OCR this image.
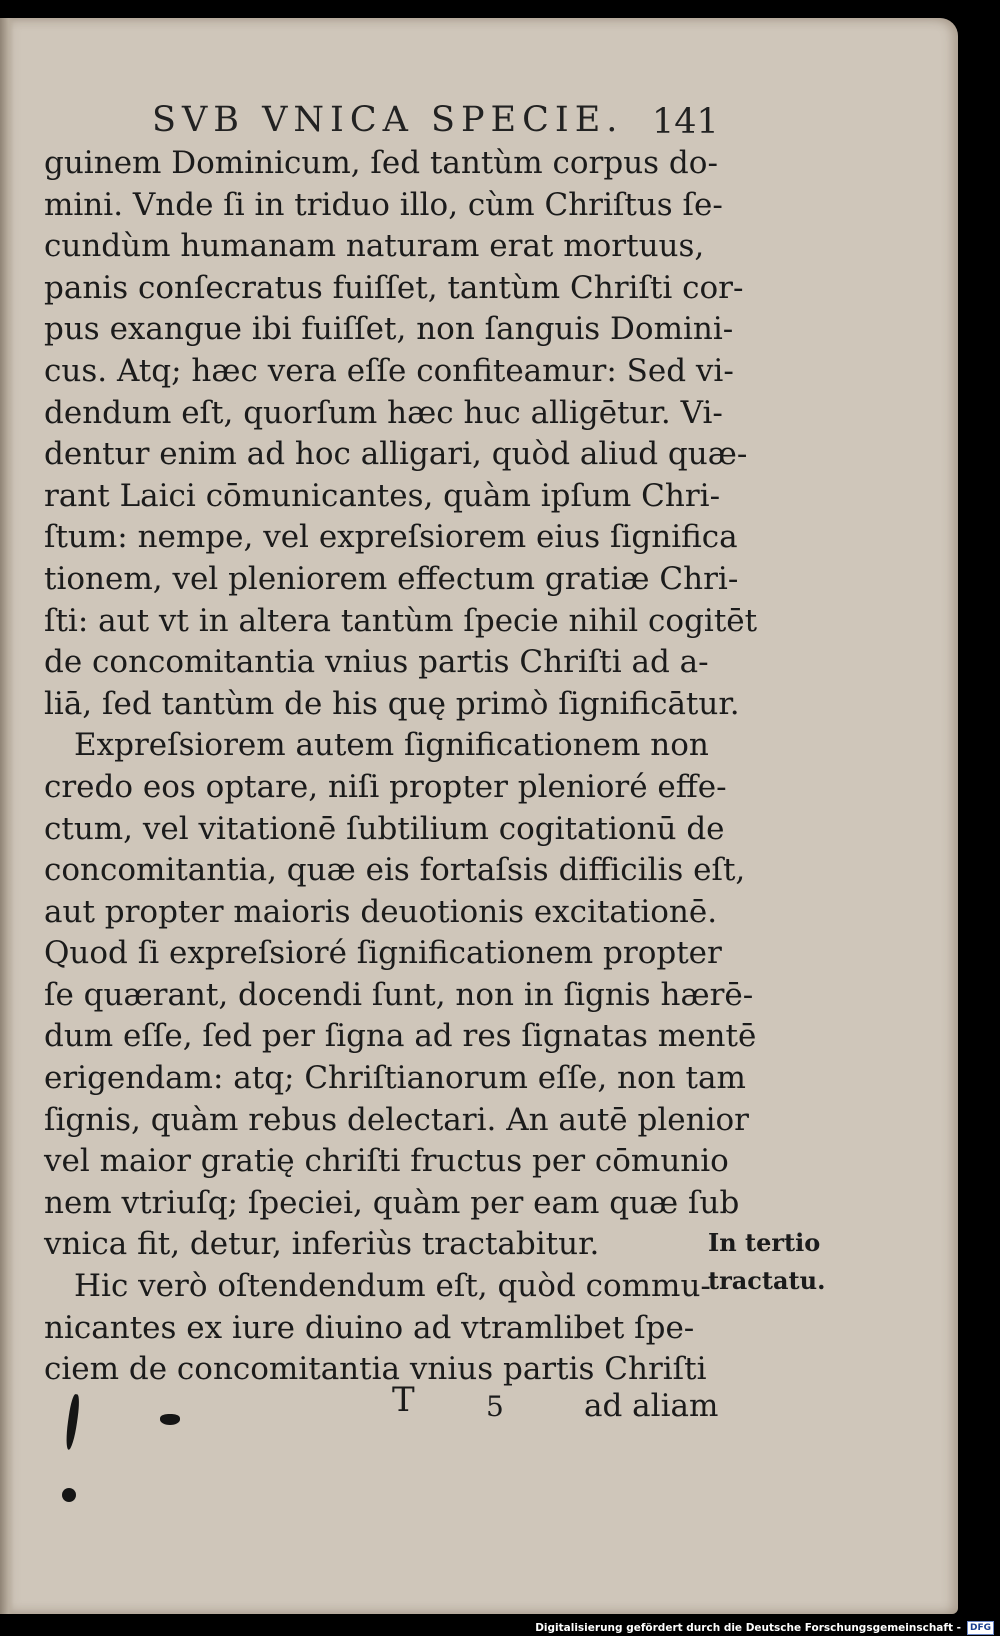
SVB VNICA SPECIE. 141
guinem Dominicum, ſed tantùm corpus do-
mini. Vnde ſi in triduo illo, cùm Chriſtus ſe-
cundùm humanam naturam erat mortuus,
panis conſecratus fuiſſet, tantùm Chriſti cor-
pus exangue ibi fuiſſet, non ſanguis Domini-
cus. Atq; hæc vera eſſe confiteamur: Sed vi-
dendum eſt, quorſum hæc huc alligētur. Vi-
dentur enim ad hoc alligari, quòd aliud quæ-
rant Laici cōmunicantes, quàm ipſum Chri-
ſtum: nempe, vel expreſsiorem eius ſignifica
tionem, vel pleniorem effectum gratiæ Chri-
ſti: aut vt in altera tantùm ſpecie nihil cogitēt
de concomitantia vnius partis Chriſti ad a-
liā, ſed tantùm de his quę primò ſignificātur.
Expreſsiorem autem ſignificationem non
credo eos optare, niſi propter plenioré effe-
ctum, vel vitationē ſubtilium cogitationū de
concomitantia, quæ eis fortaſsis difficilis eſt,
aut propter maioris deuotionis excitationē.
Quod ſi expreſsioré ſignificationem propter
ſe quærant, docendi ſunt, non in ſignis hærē-
dum eſſe, ſed per ſigna ad res ſignatas mentē
erigendam: atq; Chriſtianorum eſſe, non tam
ſignis, quàm rebus delectari. An autē plenior
vel maior gratię chriſti fructus per cōmunio
nem vtriuſq; ſpeciei, quàm per eam quæ ſub
vnica fit, detur, inferiùs tractabitur.
Hic verò oſtendendum eſt, quòd commu-
nicantes ex iure diuino ad vtramlibet ſpe-
ciem de concomitantia vnius partis Chriſti
In tertio
tractatu.
T	5	ad aliam
Digitalisierung gefördert durch die Deutsche Forschungsgemeinschaft -	DFG
